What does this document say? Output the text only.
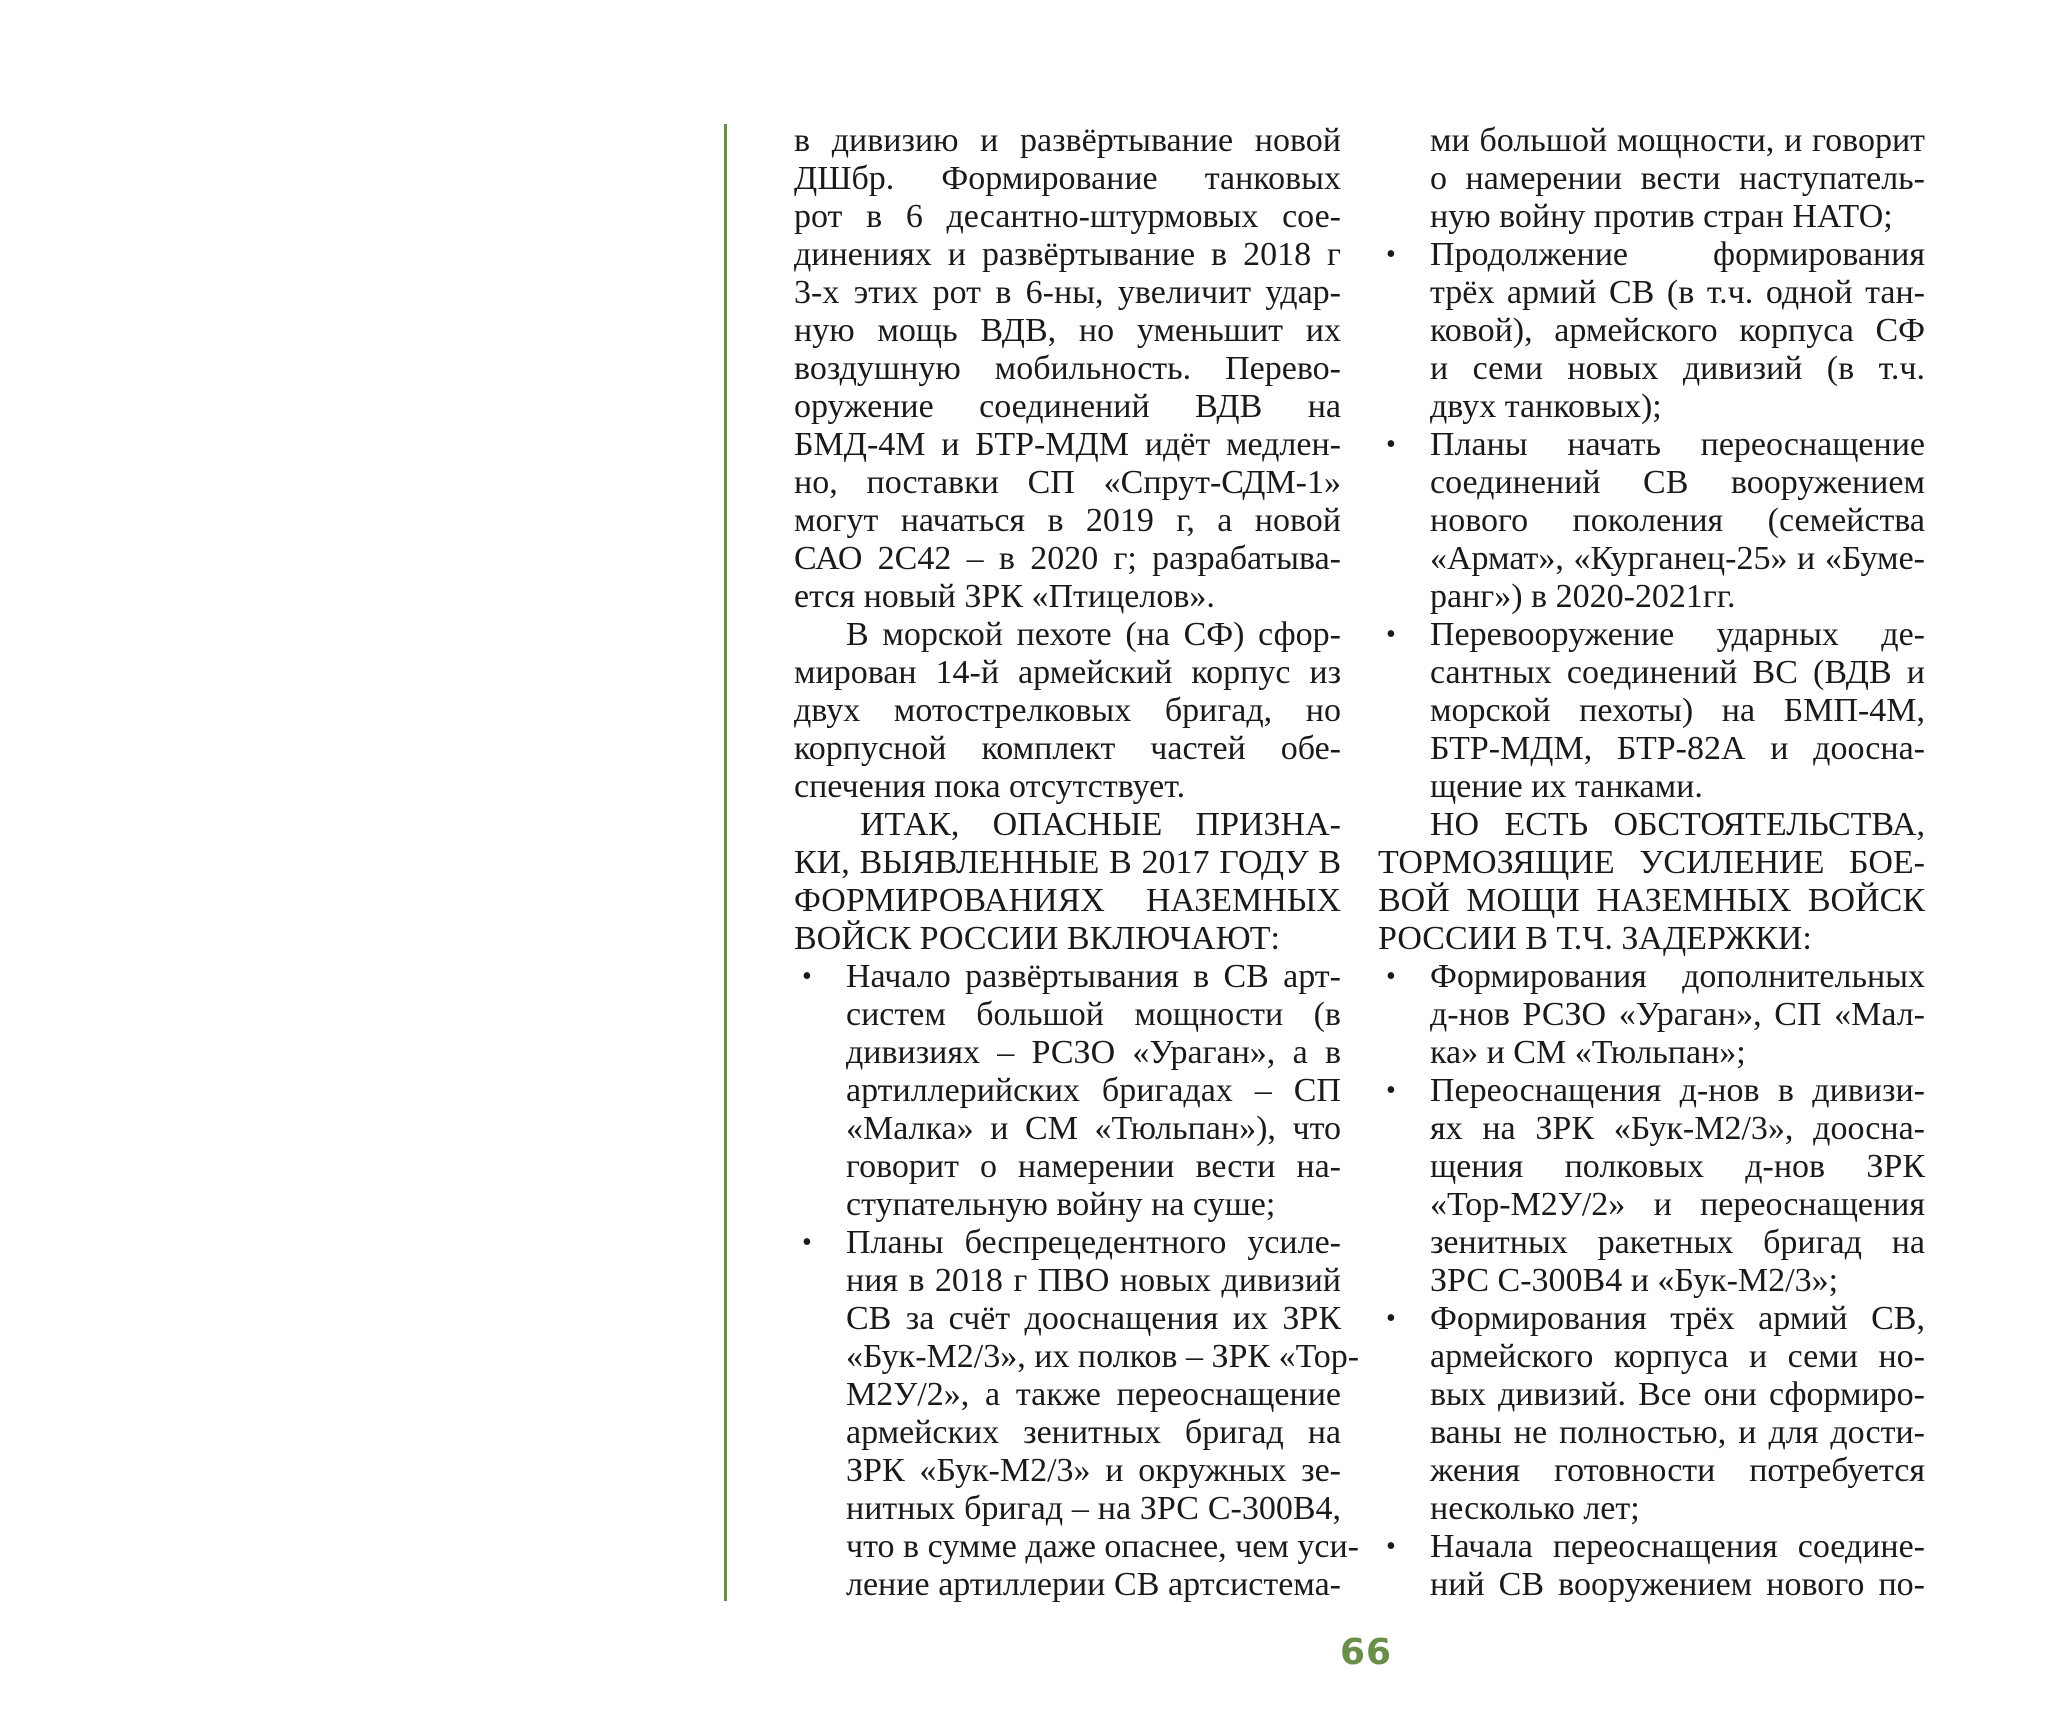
в дивизию и развёртывание новой
ДШбр. Формирование танковых
рот в 6 десантно-штурмовых сое-
динениях и развёртывание в 2018 г
3-х этих рот в 6-ны, увеличит удар-
ную мощь ВДВ, но уменьшит их
воздушную мобильность. Перево-
оружение соединений ВДВ на
БМД-4М и БТР-МДМ идёт медлен-
но, поставки СП «Спрут-СДМ-1»
могут начаться в 2019 г, а новой
САО 2С42 – в 2020 г; разрабатыва-
ется новый ЗРК «Птицелов».
В морской пехоте (на СФ) сфор-
мирован 14-й армейский корпус из
двух мотострелковых бригад, но
корпусной комплект частей обе-
спечения пока отсутствует.
ИТАК, ОПАСНЫЕ ПРИЗНА-
КИ, ВЫЯВЛЕННЫЕ В 2017 ГОДУ В
ФОРМИРОВАНИЯХ НАЗЕМНЫХ
ВОЙСК РОССИИ ВКЛЮЧАЮТ:
• Начало развёртывания в СВ арт-
систем большой мощности (в
дивизиях – РСЗО «Ураган», а в
артиллерийских бригадах – СП
«Малка» и СМ «Тюльпан»), что
говорит о намерении вести на-
ступательную войну на суше;
• Планы беспрецедентного усиле-
ния в 2018 г ПВО новых дивизий
СВ за счёт дооснащения их ЗРК
«Бук-М2/3», их полков – ЗРК «Тор-
М2У/2», а также переоснащение
армейских зенитных бригад на
ЗРК «Бук-М2/3» и окружных зе-
нитных бригад – на ЗРС С-300В4,
что в сумме даже опаснее, чем уси-
ление артиллерии СВ артсистема-
ми большой мощности, и говорит
о намерении вести наступатель-
ную войну против стран НАТО;
• Продолжение формирования
трёх армий СВ (в т.ч. одной тан-
ковой), армейского корпуса СФ
и семи новых дивизий (в т.ч.
двух танковых);
• Планы начать переоснащение
соединений СВ вооружением
нового поколения (семейства
«Армат», «Курганец-25» и «Буме-
ранг») в 2020-2021гг.
• Перевооружение ударных де-
сантных соединений ВС (ВДВ и
морской пехоты) на БМП-4М,
БТР-МДМ, БТР-82А и доосна-
щение их танками.
НО ЕСТЬ ОБСТОЯТЕЛЬСТВА,
ТОРМОЗЯЩИЕ УСИЛЕНИЕ БОЕ-
ВОЙ МОЩИ НАЗЕМНЫХ ВОЙСК
РОССИИ В Т.Ч. ЗАДЕРЖКИ:
• Формирования дополнительных
д-нов РСЗО «Ураган», СП «Мал-
ка» и СМ «Тюльпан»;
• Переоснащения д-нов в дивизи-
ях на ЗРК «Бук-М2/3», доосна-
щения полковых д-нов ЗРК
«Тор-М2У/2» и переоснащения
зенитных ракетных бригад на
ЗРС С-300В4 и «Бук-М2/3»;
• Формирования трёх армий СВ,
армейского корпуса и семи но-
вых дивизий. Все они сформиро-
ваны не полностью, и для дости-
жения готовности потребуется
несколько лет;
• Начала переоснащения соедине-
ний СВ вооружением нового по-
66
